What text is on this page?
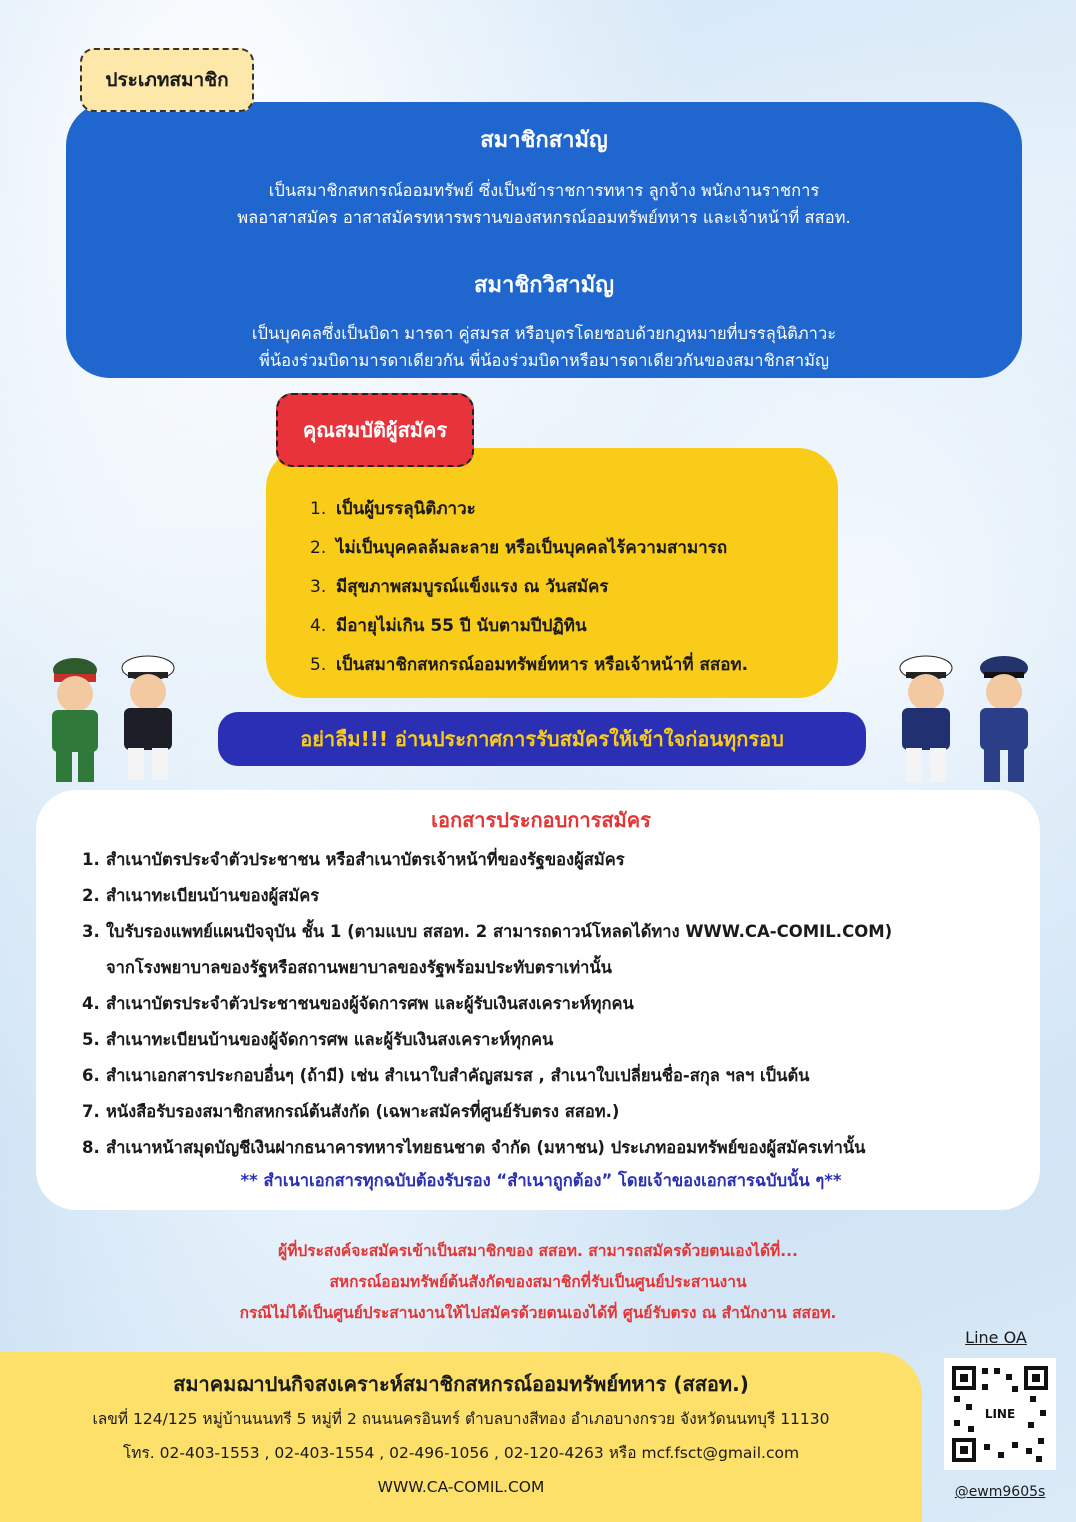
สมาชิกสามัญ

เป็นสมาชิกสหกรณ์ออมทรัพย์ ซึ่งเป็นข้าราชการทหาร ลูกจ้าง พนักงานราชการ

พลอาสาสมัคร อาสาสมัครทหารพรานของสหกรณ์ออมทรัพย์ทหาร และเจ้าหน้าที่ สสอท.

สมาชิกวิสามัญ

เป็นบุคคลซึ่งเป็นบิดา มารดา คู่สมรส หรือบุตรโดยชอบด้วยกฎหมายที่บรรลุนิติภาวะ

พี่น้องร่วมบิดามารดาเดียวกัน พี่น้องร่วมบิดาหรือมารดาเดียวกันของสมาชิกสามัญ

ประเภทสมาชิก
1. เป็นผู้บรรลุนิติภาวะ
2. ไม่เป็นบุคคลล้มละลาย หรือเป็นบุคคลไร้ความสามารถ
3. มีสุขภาพสมบูรณ์แข็งแรง ณ วันสมัคร
4. มีอายุไม่เกิน 55 ปี นับตามปีปฏิทิน
5. เป็นสมาชิกสหกรณ์ออมทรัพย์ทหาร หรือเจ้าหน้าที่ สสอท.
คุณสมบัติผู้สมัคร
อย่าลืม!!! อ่านประกาศการรับสมัครให้เข้าใจก่อนทุกรอบ
เอกสารประกอบการสมัคร
1. สำเนาบัตรประจำตัวประชาชน หรือสำเนาบัตรเจ้าหน้าที่ของรัฐของผู้สมัคร
2. สำเนาทะเบียนบ้านของผู้สมัคร
3. ใบรับรองแพทย์แผนปัจจุบัน ชั้น 1 (ตามแบบ สสอท. 2 สามารถดาวน์โหลดได้ทาง WWW.CA-COMIL.COM)
จากโรงพยาบาลของรัฐหรือสถานพยาบาลของรัฐพร้อมประทับตราเท่านั้น
4. สำเนาบัตรประจำตัวประชาชนของผู้จัดการศพ และผู้รับเงินสงเคราะห์ทุกคน
5. สำเนาทะเบียนบ้านของผู้จัดการศพ และผู้รับเงินสงเคราะห์ทุกคน
6. สำเนาเอกสารประกอบอื่นๆ (ถ้ามี) เช่น สำเนาใบสำคัญสมรส , สำเนาใบเปลี่ยนชื่อ-สกุล ฯลฯ เป็นต้น
7. หนังสือรับรองสมาชิกสหกรณ์ต้นสังกัด (เฉพาะสมัครที่ศูนย์รับตรง สสอท.)
8. สำเนาหน้าสมุดบัญชีเงินฝากธนาคารทหารไทยธนชาต จำกัด (มหาชน) ประเภทออมทรัพย์ของผู้สมัครเท่านั้น
** สำเนาเอกสารทุกฉบับต้องรับรอง “สำเนาถูกต้อง” โดยเจ้าของเอกสารฉบับนั้น ๆ**
ผู้ที่ประสงค์จะสมัครเข้าเป็นสมาชิกของ สสอท. สามารถสมัครด้วยตนเองได้ที่...
สหกรณ์ออมทรัพย์ต้นสังกัดของสมาชิกที่รับเป็นศูนย์ประสานงาน
กรณีไม่ได้เป็นศูนย์ประสานงานให้ไปสมัครด้วยตนเองได้ที่ ศูนย์รับตรง ณ สำนักงาน สสอท.
สมาคมฌาปนกิจสงเคราะห์สมาชิกสหกรณ์ออมทรัพย์ทหาร (สสอท.)
เลขที่ 124/125 หมู่บ้านนนทรี 5 หมู่ที่ 2 ถนนนครอินทร์ ตำบลบางสีทอง อำเภอบางกรวย จังหวัดนนทบุรี 11130
โทร. 02-403-1553 , 02-403-1554 , 02-496-1056 , 02-120-4263 หรือ mcf.fsct@gmail.com
WWW.CA-COMIL.COM
Line OA
LINE
@ewm9605s
